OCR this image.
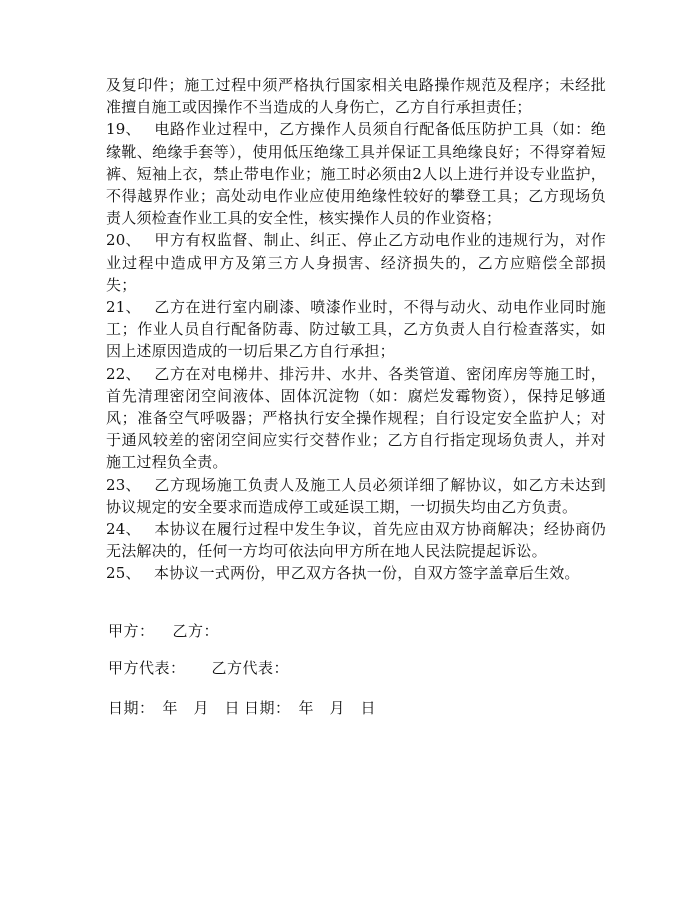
及复印件；施工过程中须严格执行国家相关电路操作规范及程序；未经批准擅自施工或因操作不当造成的人身伤亡，乙方自行承担责任；

19、 电路作业过程中，乙方操作人员须自行配备低压防护工具（如：绝缘靴、绝缘手套等），使用低压绝缘工具并保证工具绝缘良好；不得穿着短裤、短袖上衣，禁止带电作业；施工时必须由2人以上进行并设专业监护，不得越界作业；高处动电作业应使用绝缘性较好的攀登工具；乙方现场负责人须检查作业工具的安全性，核实操作人员的作业资格；

20、 甲方有权监督、制止、纠正、停止乙方动电作业的违规行为，对作业过程中造成甲方及第三方人身损害、经济损失的，乙方应赔偿全部损失；

21、 乙方在进行室内刷漆、喷漆作业时，不得与动火、动电作业同时施工；作业人员自行配备防毒、防过敏工具，乙方负责人自行检查落实，如因上述原因造成的一切后果乙方自行承担；

22、 乙方在对电梯井、排污井、水井、各类管道、密闭库房等施工时，首先清理密闭空间液体、固体沉淀物（如：腐烂发霉物资），保持足够通风；准备空气呼吸器；严格执行安全操作规程；自行设定安全监护人；对于通风较差的密闭空间应实行交替作业；乙方自行指定现场负责人，并对施工过程负全责。

23、 乙方现场施工负责人及施工人员必须详细了解协议，如乙方未达到协议规定的安全要求而造成停工或延误工期，一切损失均由乙方负责。

24、 本协议在履行过程中发生争议，首先应由双方协商解决；经协商仍无法解决的，任何一方均可依法向甲方所在地人民法院提起诉讼。

25、 本协议一式两份，甲乙双方各执一份，自双方签字盖章后生效。

甲方： 乙方：
甲方代表： 乙方代表：
日期：　年　月　日 日期：　年　月　日
